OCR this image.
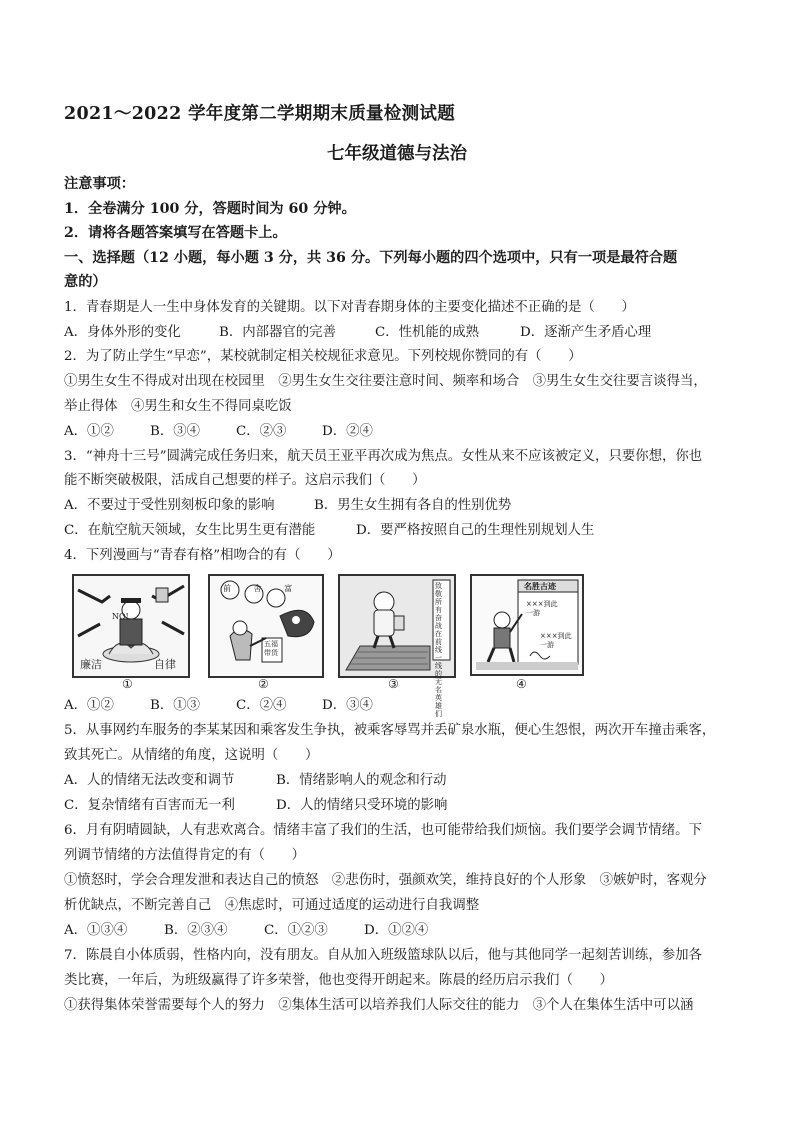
2021～2022 学年度第二学期期末质量检测试题
七年级道德与法治
注意事项：
1．全卷满分 100 分，答题时间为 60 分钟。
2．请将各题答案填写在答题卡上。
一、选择题（12 小题，每小题 3 分，共 36 分。下列每小题的四个选项中，只有一项是最符合题
意的）
1．青春期是人一生中身体发育的关键期。以下对青春期身体的主要变化描述不正确的是（　　）
A．身体外形的变化	B．内部器官的完善	C．性机能的成熟	D．逐渐产生矛盾心理
2．为了防止学生“早恋”，某校就制定相关校规征求意见。下列校规你赞同的有（　　）
①男生女生不得成对出现在校园里　②男生女生交往要注意时间、频率和场合　③男生女生交往要言谈得当，
举止得体　④男生和女生不得同桌吃饭
A．①②	B．③④	C．②③	D．②④
3．“神舟十三号”圆满完成任务归来，航天员王亚平再次成为焦点。女性从来不应该被定义，只要你想，你也
能不断突破极限，活成自己想要的样子。这启示我们（　　）
A．不要过于受性别刻板印象的影响	B．男生女生拥有各自的性别优势
C．在航空航天领域，女生比男生更有潜能	D．要严格按照自己的生理性别规划人生
4．下列漫画与“青春有格”相吻合的有（　　）
NO!
廉洁	自律
①
前 舍 富
五福 带货
②
致敬所有奋战在前线一线的无名英雄们
③
名胜古迹
×××到此一游
×××到此一游
④
A．①②	B．①③	C．②④	D．③④
5．从事网约车服务的李某某因和乘客发生争执，被乘客辱骂并丢矿泉水瓶，便心生怨恨，两次开车撞击乘客，
致其死亡。从情绪的角度，这说明（　　）
A．人的情绪无法改变和调节	B．情绪影响人的观念和行动
C．复杂情绪有百害而无一利	D．人的情绪只受环境的影响
6．月有阴晴圆缺，人有悲欢离合。情绪丰富了我们的生活，也可能带给我们烦恼。我们要学会调节情绪。下
列调节情绪的方法值得肯定的有（　　）
①愤怒时，学会合理发泄和表达自己的愤怒　②悲伤时，强颜欢笑，维持良好的个人形象　③嫉妒时，客观分
析优缺点，不断完善自己　④焦虑时，可通过适度的运动进行自我调整
A．①③④	B．②③④	C．①②③	D．①②④
7．陈晨自小体质弱，性格内向，没有朋友。自从加入班级篮球队以后，他与其他同学一起刻苦训练，参加各
类比赛，一年后，为班级赢得了许多荣誉，他也变得开朗起来。陈晨的经历启示我们（　　）
①获得集体荣誉需要每个人的努力　②集体生活可以培养我们人际交往的能力　③个人在集体生活中可以涵
